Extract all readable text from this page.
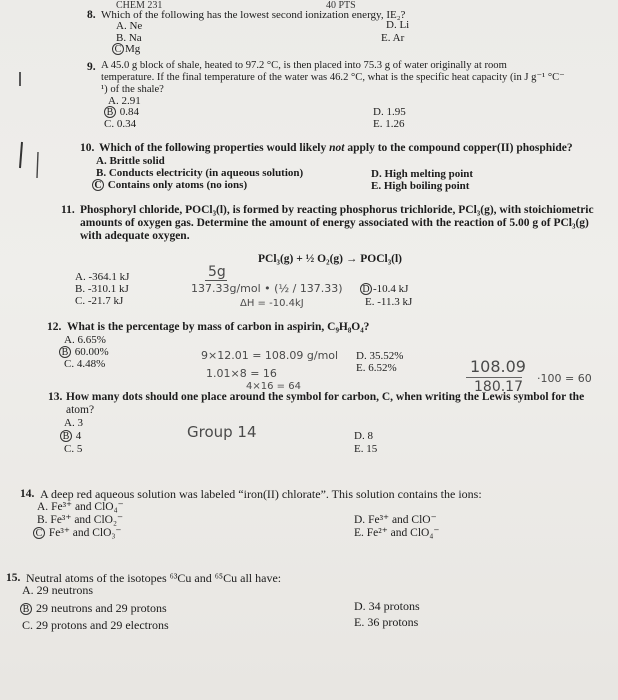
CHEM 231	40 PTS
8. Which of the following has the lowest second ionization energy, IE₂?
A. Ne
B. Na
C Mg
D. Li
E. Ar
9. A 45.0 g block of shale, heated to 97.2 °C, is then placed into 75.3 g of water originally at room
temperature. If the final temperature of the water was 46.2 °C, what is the specific heat capacity (in J g⁻¹ °C⁻
¹) of the shale?
A. 2.91
B 0.84
C. 0.34
D. 1.95
E. 1.26
10. Which of the following properties would likely not apply to the compound copper(II) phosphide?
A. Brittle solid
B. Conducts electricity (in aqueous solution)
C Contains only atoms (no ions)
D. High melting point
E. High boiling point
11. Phosphoryl chloride, POCl₃(l), is formed by reacting phosphorus trichloride, PCl₃(g), with stoichiometric
amounts of oxygen gas. Determine the amount of energy associated with the reaction of 5.00 g of PCl₃(g)
with adequate oxygen.
PCl₃(g) + ½ O₂(g) → POCl₃(l)
A. -364.1 kJ
B. -310.1 kJ
C. -21.7 kJ
D -10.4 kJ
E. -11.3 kJ
5g
137.33g/mol • (½ / 137.33)
ΔH = -10.4kJ
12. What is the percentage by mass of carbon in aspirin, C₉H₈O₄?
A. 6.65%
B 60.00%
C. 4.48%
D. 35.52%
E. 6.52%
9×12.01 = 108.09 g/mol
1.01×8 = 16
4×16 = 64
108.09
180.17
·100 = 60
13. How many dots should one place around the symbol for carbon, C, when writing the Lewis symbol for the
atom?
A. 3
B 4
C. 5
D. 8
E. 15
Group 14
14. A deep red aqueous solution was labeled “iron(II) chlorate”. This solution contains the ions:
A. Fe³⁺ and ClO₄⁻
B. Fe³⁺ and ClO₂⁻
C Fe³⁺ and ClO₃⁻
D. Fe³⁺ and ClO⁻
E. Fe²⁺ and ClO₄⁻
15. Neutral atoms of the isotopes ⁶³Cu and ⁶⁵Cu all have:
A. 29 neutrons
B 29 neutrons and 29 protons
C. 29 protons and 29 electrons
D. 34 protons
E. 36 protons
